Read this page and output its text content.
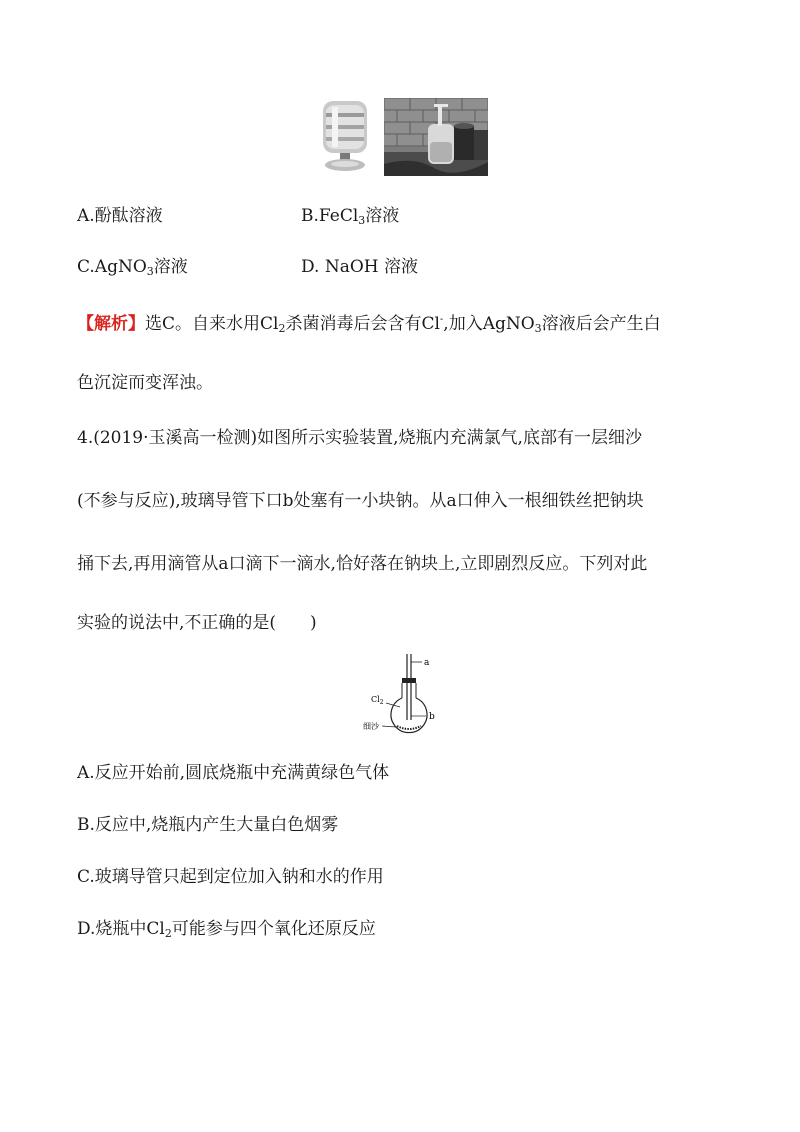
A.酚酞溶液	B.FeCl$_3$溶液
C.AgNO$_3$溶液	D. NaOH 溶液
【解析】选C。自来水用$Cl_2$杀菌消毒后会含有Cl-,加入AgNO$_3$溶液后会产生白
色沉淀而变浑浊。
4.(2019·玉溪高一检测)如图所示实验装置,烧瓶内充满氯气,底部有一层细沙
(不参与反应),玻璃导管下口b处塞有一小块钠。从a口伸入一根细铁丝把钠块
捅下去,再用滴管从a口滴下一滴水,恰好落在钠块上,立即剧烈反应。下列对此
实验的说法中,不正确的是(　　)
a
b
$Cl_2$
细沙
A.反应开始前,圆底烧瓶中充满黄绿色气体
B.反应中,烧瓶内产生大量白色烟雾
C.玻璃导管只起到定位加入钠和水的作用
D.烧瓶中$Cl_2$可能参与四个氧化还原反应
